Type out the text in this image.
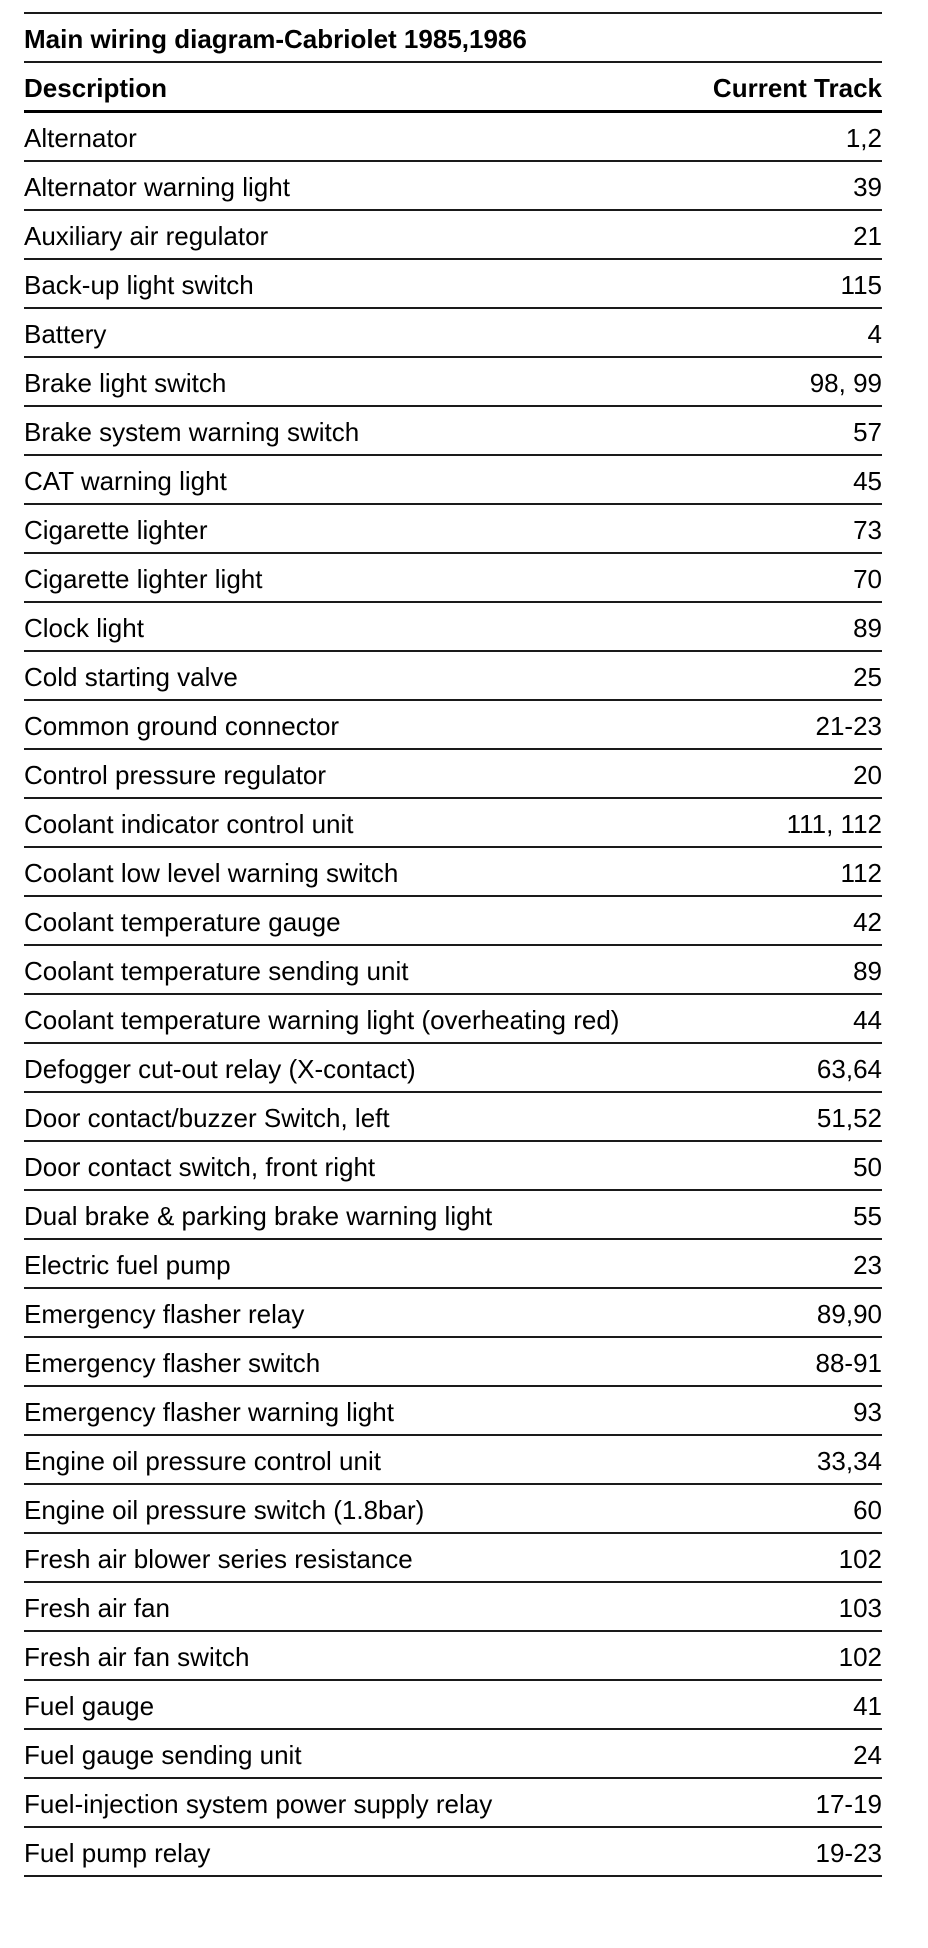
Main wiring diagram-Cabriolet 1985,1986
Description	Current Track
Alternator	1,2
Alternator warning light	39
Auxiliary air regulator	21
Back-up light switch	115
Battery	4
Brake light switch	98, 99
Brake system warning switch	57
CAT warning light	45
Cigarette lighter	73
Cigarette lighter light	70
Clock light	89
Cold starting valve	25
Common ground connector	21-23
Control pressure regulator	20
Coolant indicator control unit	111, 112
Coolant low level warning switch	112
Coolant temperature gauge	42
Coolant temperature sending unit	89
Coolant temperature warning light (overheating red)	44
Defogger cut-out relay (X-contact)	63,64
Door contact/buzzer Switch, left	51,52
Door contact switch, front right	50
Dual brake & parking brake warning light	55
Electric fuel pump	23
Emergency flasher relay	89,90
Emergency flasher switch	88-91
Emergency flasher warning light	93
Engine oil pressure control unit	33,34
Engine oil pressure switch (1.8bar)	60
Fresh air blower series resistance	102
Fresh air fan	103
Fresh air fan switch	102
Fuel gauge	41
Fuel gauge sending unit	24
Fuel-injection system power supply relay	17-19
Fuel pump relay	19-23
